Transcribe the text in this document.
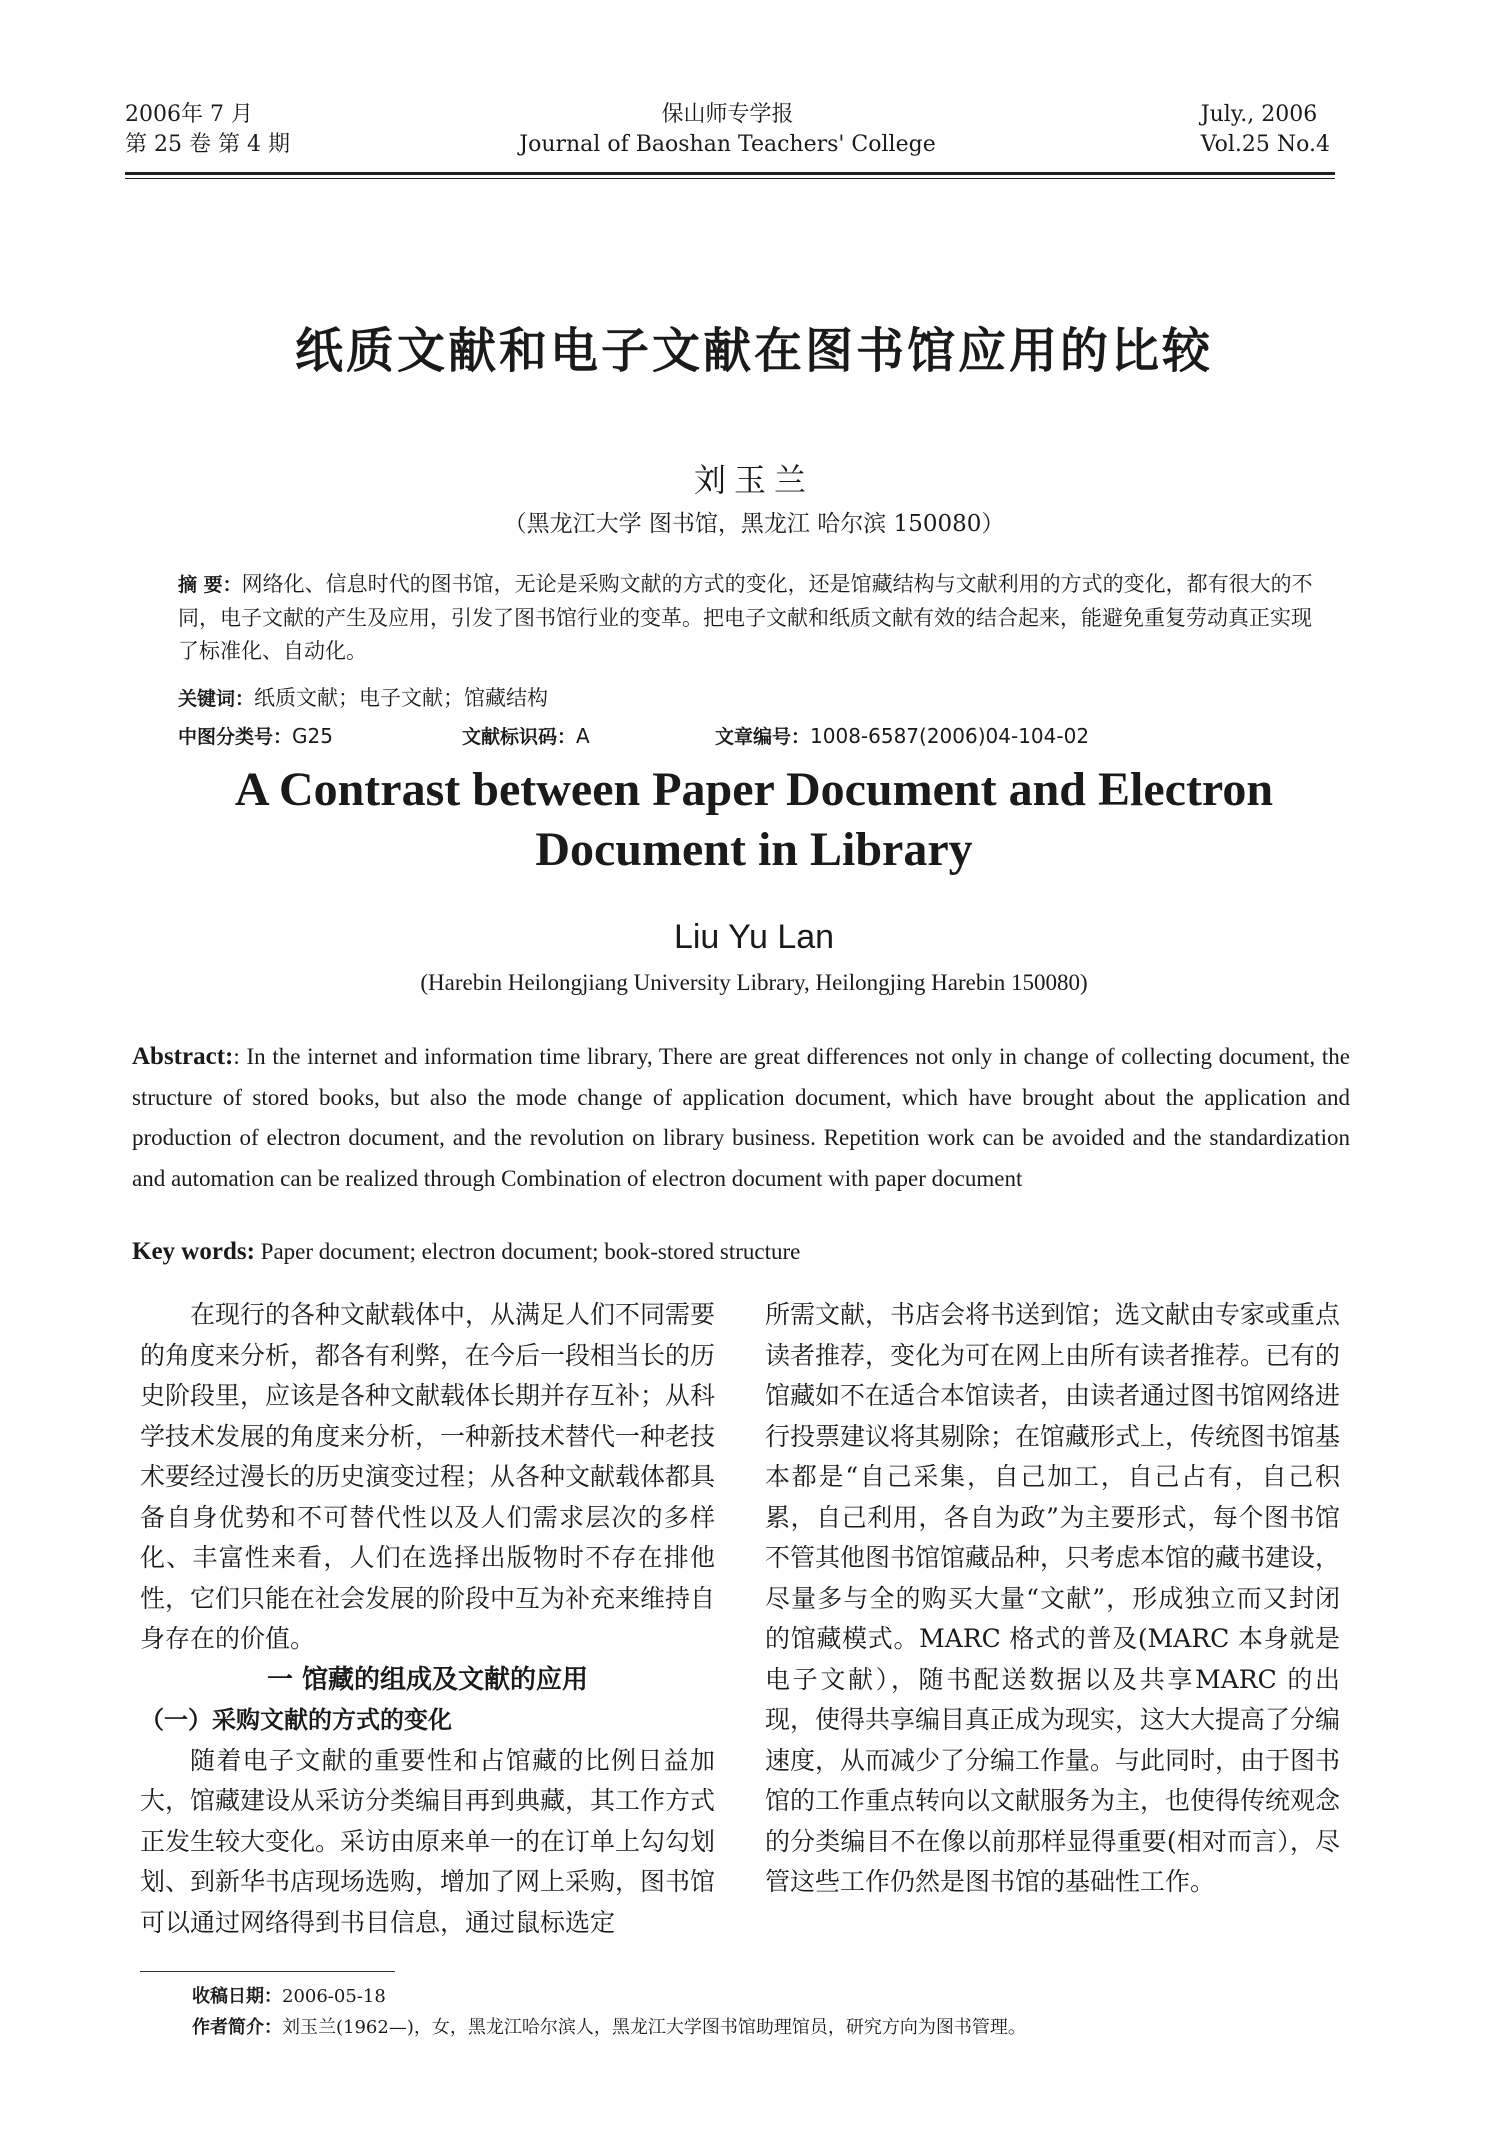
2006年 7 月
第 25 卷 第 4 期
保山师专学报
Journal of Baoshan Teachers' College
July., 2006
Vol.25 No.4
纸质文献和电子文献在图书馆应用的比较
刘玉兰
（黑龙江大学 图书馆，黑龙江 哈尔滨 150080）
摘 要：网络化、信息时代的图书馆，无论是采购文献的方式的变化，还是馆藏结构与文献利用的方式的变化，都有很大的不同，电子文献的产生及应用，引发了图书馆行业的变革。把电子文献和纸质文献有效的结合起来，能避免重复劳动真正实现了标准化、自动化。
关键词：纸质文献；电子文献；馆藏结构
中图分类号：G25	文献标识码：A	文章编号：1008-6587(2006)04-104-02
A Contrast between Paper Document and Electron
Document in Library
Liu Yu Lan
(Harebin Heilongjiang University Library, Heilongjing Harebin 150080)
Abstract:: In the internet and information time library, There are great differences not only in change of collecting document, the structure of stored books, but also the mode change of application document, which have brought about the application and production of electron document, and the revolution on library business. Repetition work can be avoided and the standardization and automation can be realized through Combination of electron document with paper document
Key words: Paper document; electron document; book-stored structure

在现行的各种文献载体中，从满足人们不同需要的角度来分析，都各有利弊，在今后一段相当长的历史阶段里，应该是各种文献载体长期并存互补；从科学技术发展的角度来分析，一种新技术替代一种老技术要经过漫长的历史演变过程；从各种文献载体都具备自身优势和不可替代性以及人们需求层次的多样化、丰富性来看，人们在选择出版物时不存在排他性，它们只能在社会发展的阶段中互为补充来维持自身存在的价值。

一 馆藏的组成及文献的应用

（一）采购文献的方式的变化

随着电子文献的重要性和占馆藏的比例日益加大，馆藏建设从采访分类编目再到典藏，其工作方式正发生较大变化。采访由原来单一的在订单上勾勾划划、到新华书店现场选购，增加了网上采购，图书馆可以通过网络得到书目信息，通过鼠标选定

所需文献，书店会将书送到馆；选文献由专家或重点读者推荐，变化为可在网上由所有读者推荐。已有的馆藏如不在适合本馆读者，由读者通过图书馆网络进行投票建议将其剔除；在馆藏形式上，传统图书馆基本都是“自己采集，自己加工，自己占有，自己积累，自己利用，各自为政”为主要形式，每个图书馆不管其他图书馆馆藏品种，只考虑本馆的藏书建设，尽量多与全的购买大量“文献”，形成独立而又封闭的馆藏模式。MARC 格式的普及(MARC 本身就是电子文献），随书配送数据以及共享MARC 的出现，使得共享编目真正成为现实，这大大提高了分编速度，从而减少了分编工作量。与此同时，由于图书馆的工作重点转向以文献服务为主，也使得传统观念的分类编目不在像以前那样显得重要(相对而言），尽管这些工作仍然是图书馆的基础性工作。

收稿日期：2006-05-18
作者简介：刘玉兰(1962—)，女，黑龙江哈尔滨人，黑龙江大学图书馆助理馆员，研究方向为图书管理。
